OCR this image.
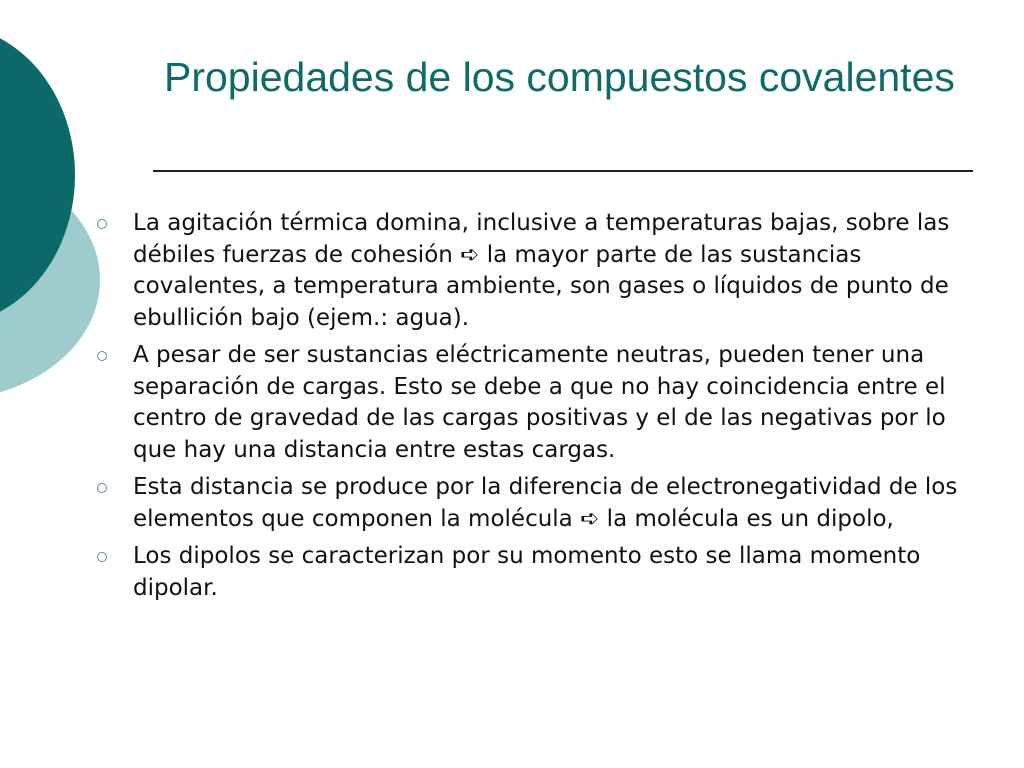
Propiedades de los compuestos covalentes
La agitación térmica domina, inclusive a temperaturas bajas, sobre las débiles fuerzas de cohesión ➪ la mayor parte de las sustancias covalentes, a temperatura ambiente, son gases o líquidos de punto de ebullición bajo (ejem.: agua).
A pesar de ser sustancias eléctricamente neutras, pueden tener una separación de cargas. Esto se debe a que no hay coincidencia entre el centro de gravedad de las cargas positivas y el de las negativas por lo que hay una distancia entre estas cargas.
Esta distancia se produce por la diferencia de electronegatividad de los elementos que componen la molécula ➪ la molécula es un dipolo,
Los dipolos se caracterizan por su momento esto se llama momento dipolar.
